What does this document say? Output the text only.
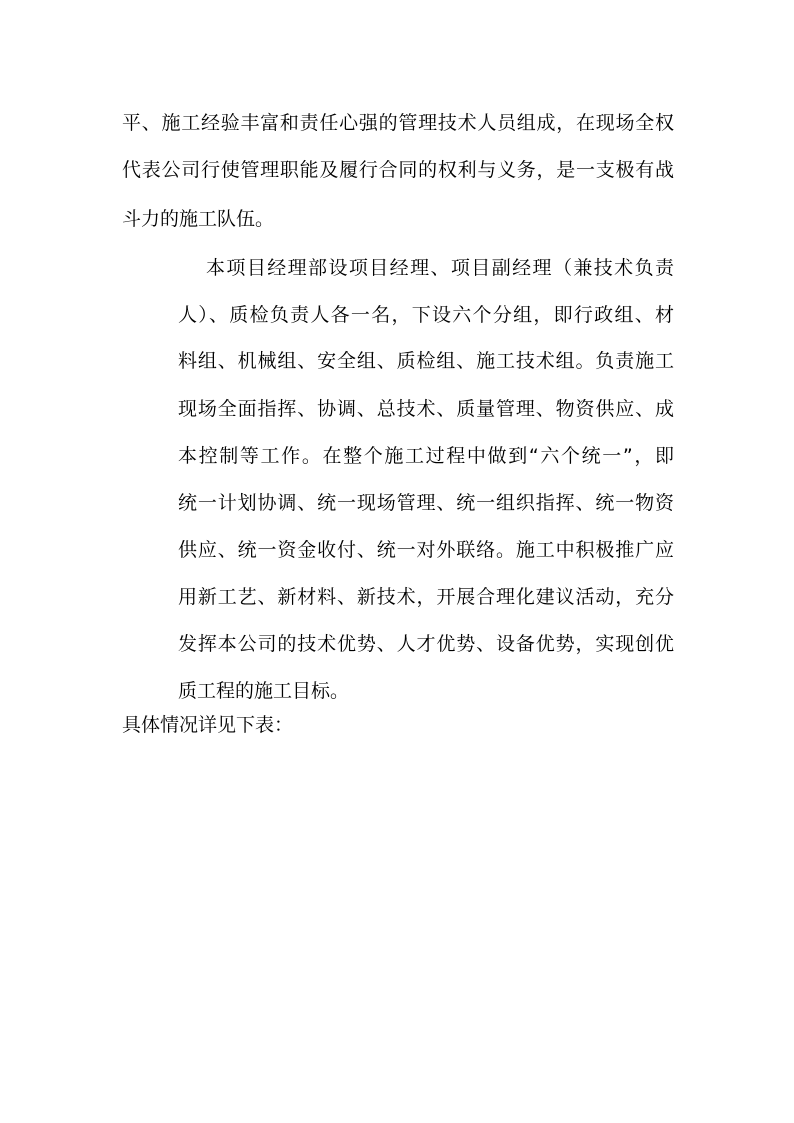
平、施工经验丰富和责任心强的管理技术人员组成，在现场全权

代表公司行使管理职能及履行合同的权利与义务，是一支极有战

斗力的施工队伍。

本项目经理部设项目经理、项目副经理（兼技术负责

人）、质检负责人各一名，下设六个分组，即行政组、材

料组、机械组、安全组、质检组、施工技术组。负责施工

现场全面指挥、协调、总技术、质量管理、物资供应、成

本控制等工作。在整个施工过程中做到“六个统一”，即

统一计划协调、统一现场管理、统一组织指挥、统一物资

供应、统一资金收付、统一对外联络。施工中积极推广应

用新工艺、新材料、新技术，开展合理化建议活动，充分

发挥本公司的技术优势、人才优势、设备优势，实现创优

质工程的施工目标。

具体情况详见下表：
